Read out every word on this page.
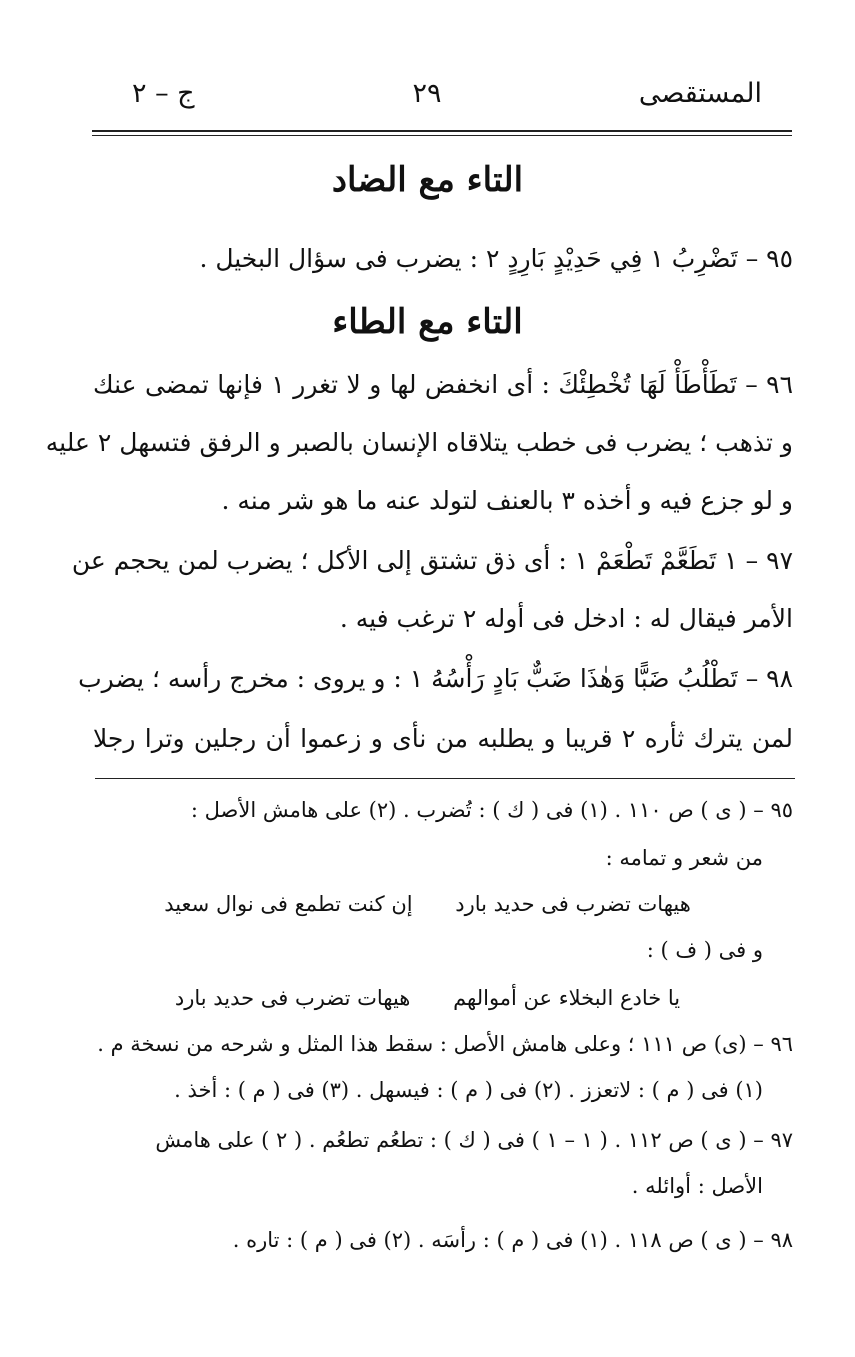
المستقصى
٢٩
ج – ٢
التاء مع الضاد
٩٥ – تَضْرِبُ ١ فِي حَدِيْدٍ بَارِدٍ ٢ : يضرب فى سؤال البخيل .
التاء مع الطاء
٩٦ – تَطَأْطَأْ لَهَا تُخْطِئْكَ : أى انخفض لها و لا تغرر ١ فإنها تمضى عنك
و تذهب ؛ يضرب فى خطب يتلاقاه الإنسان بالصبر و الرفق فتسهل ٢ عليه
و لو جزع فيه و أخذه ٣ بالعنف لتولد عنه ما هو شر منه .
٩٧ – ١ تَطَعَّمْ تَطْعَمْ ١ : أى ذق تشتق إلى الأكل ؛ يضرب لمن يحجم عن
الأمر فيقال له : ادخل فى أوله ٢ ترغب فيه .
٩٨ – تَطْلُبُ ضَبًّا وَهٰذَا ضَبٌّ بَادٍ رَأْسُهُ ١ : و يروى : مخرج رأسه ؛ يضرب
لمن يترك ثأره ٢ قريبا و يطلبه من نأى و زعموا أن رجلين وترا رجلا
٩٥ – ( ى ) ص ١١٠ . (١) فى ( ك ) : تُضرب . (٢) على هامش الأصل :
من شعر و تمامه :
هيهات تضرب فى حديد بارد إن كنت تطمع فى نوال سعيد
و فى ( ف ) :
يا خادع البخلاء عن أموالهم هيهات تضرب فى حديد بارد
٩٦ – (ى) ص ١١١ ؛ وعلى هامش الأصل : سقط هذا المثل و شرحه من نسخة م .
(١) فى ( م ) : لاتعزز . (٢) فى ( م ) : فيسهل . (٣) فى ( م ) : أخذ .
٩٧ – ( ى ) ص ١١٢ . ( ١ – ١ ) فى ( ك ) : تطعُم تطعُم . ( ٢ ) على هامش
الأصل : أوائله .
٩٨ – ( ى ) ص ١١٨ . (١) فى ( م ) : رأسَه . (٢) فى ( م ) : تاره .
